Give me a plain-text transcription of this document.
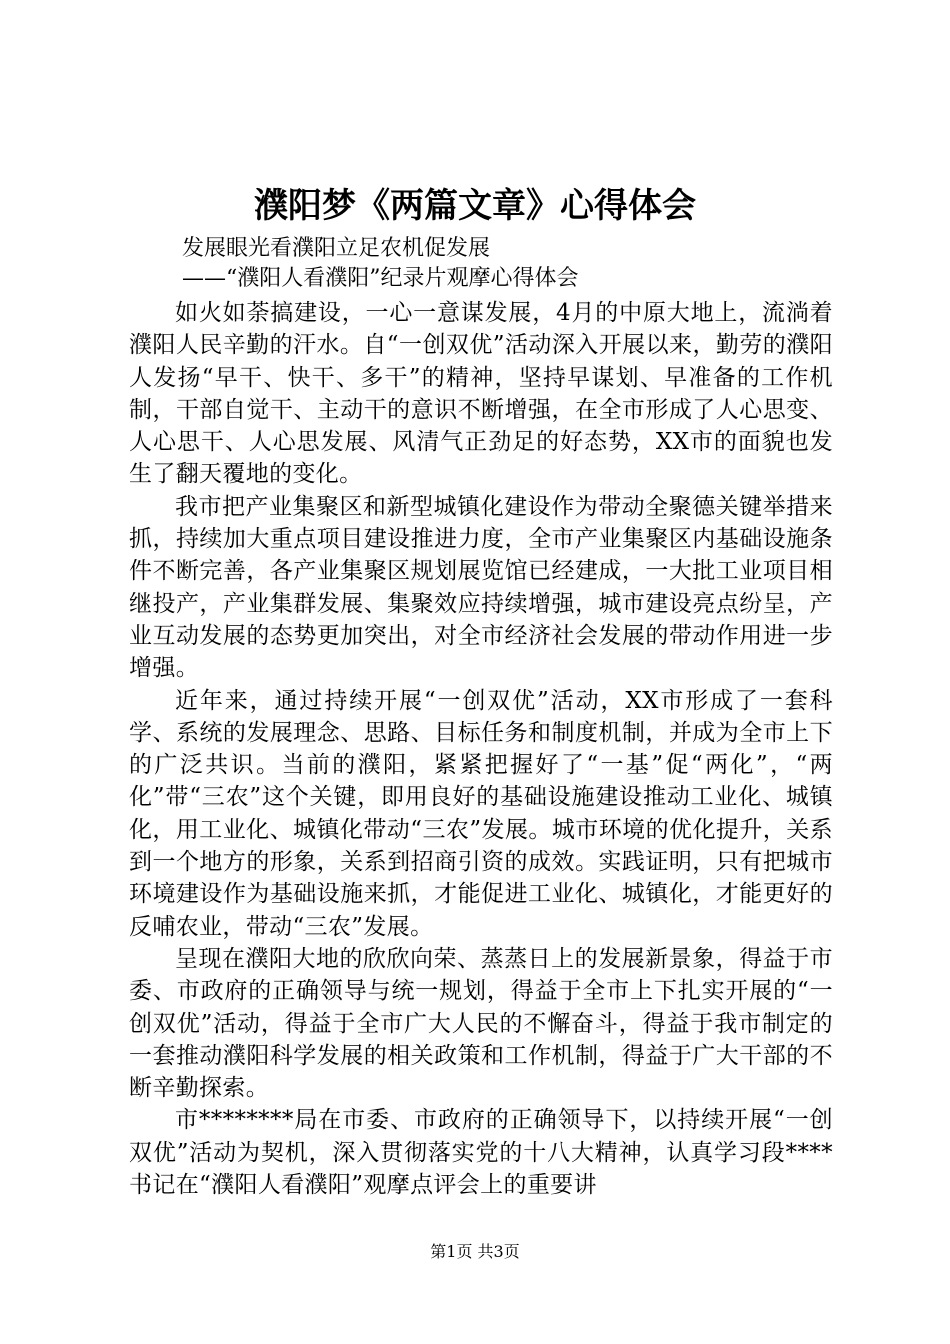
濮阳梦《两篇文章》心得体会
发展眼光看濮阳立足农机促发展
——“濮阳人看濮阳”纪录片观摩心得体会

如火如荼搞建设，一心一意谋发展，4月的中原大地上，流淌着濮阳人民辛勤的汗水。自“一创双优”活动深入开展以来，勤劳的濮阳人发扬“早干、快干、多干”的精神，坚持早谋划、早准备的工作机制，干部自觉干、主动干的意识不断增强，在全市形成了人心思变、人心思干、人心思发展、风清气正劲足的好态势，XX市的面貌也发生了翻天覆地的变化。

我市把产业集聚区和新型城镇化建设作为带动全聚德关键举措来抓，持续加大重点项目建设推进力度，全市产业集聚区内基础设施条件不断完善，各产业集聚区规划展览馆已经建成，一大批工业项目相继投产，产业集群发展、集聚效应持续增强，城市建设亮点纷呈，产业互动发展的态势更加突出，对全市经济社会发展的带动作用进一步增强。

近年来，通过持续开展“一创双优”活动，XX市形成了一套科学、系统的发展理念、思路、目标任务和制度机制，并成为全市上下的广泛共识。当前的濮阳，紧紧把握好了“一基”促“两化”，“两化”带“三农”这个关键，即用良好的基础设施建设推动工业化、城镇化，用工业化、城镇化带动“三农”发展。城市环境的优化提升，关系到一个地方的形象，关系到招商引资的成效。实践证明，只有把城市环境建设作为基础设施来抓，才能促进工业化、城镇化，才能更好的反哺农业，带动“三农”发展。

呈现在濮阳大地的欣欣向荣、蒸蒸日上的发展新景象，得益于市委、市政府的正确领导与统一规划，得益于全市上下扎实开展的“一创双优”活动，得益于全市广大人民的不懈奋斗，得益于我市制定的一套推动濮阳科学发展的相关政策和工作机制，得益于广大干部的不断辛勤探索。

市********局在市委、市政府的正确领导下，以持续开展“一创双优”活动为契机，深入贯彻落实党的十八大精神，认真学习段****书记在“濮阳人看濮阳”观摩点评会上的重要讲

第1页 共3页
